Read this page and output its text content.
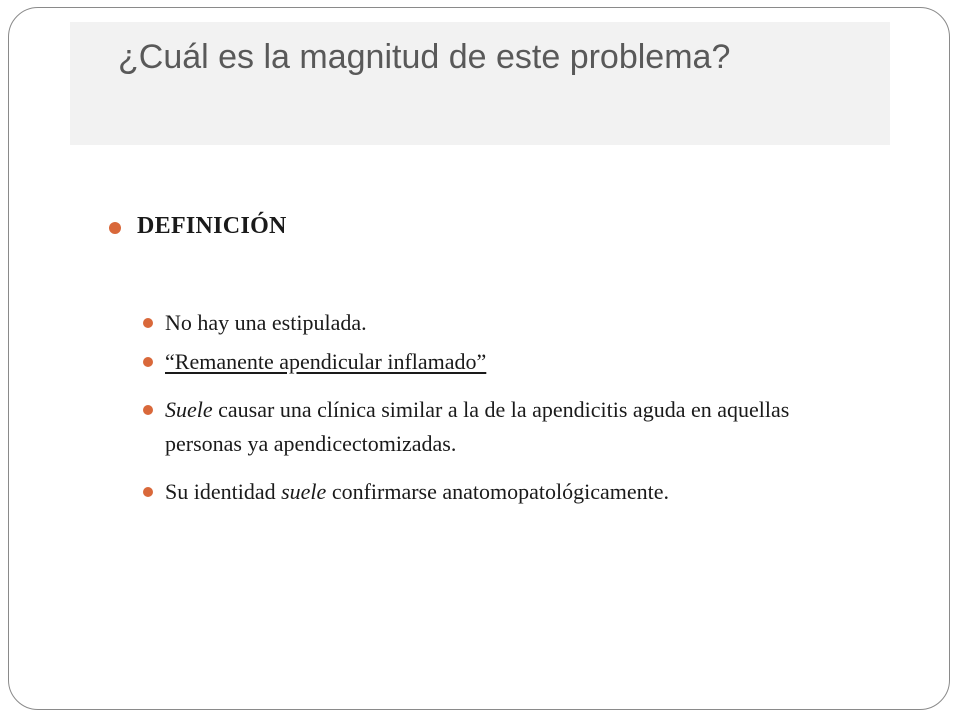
¿Cuál es la magnitud de este problema?
DEFINICIÓN
No hay una estipulada.
“Remanente apendicular inflamado”
Suele causar una clínica similar a la de la apendicitis aguda en aquellas personas ya apendicectomizadas.
Su identidad suele confirmarse anatomopatológicamente.
